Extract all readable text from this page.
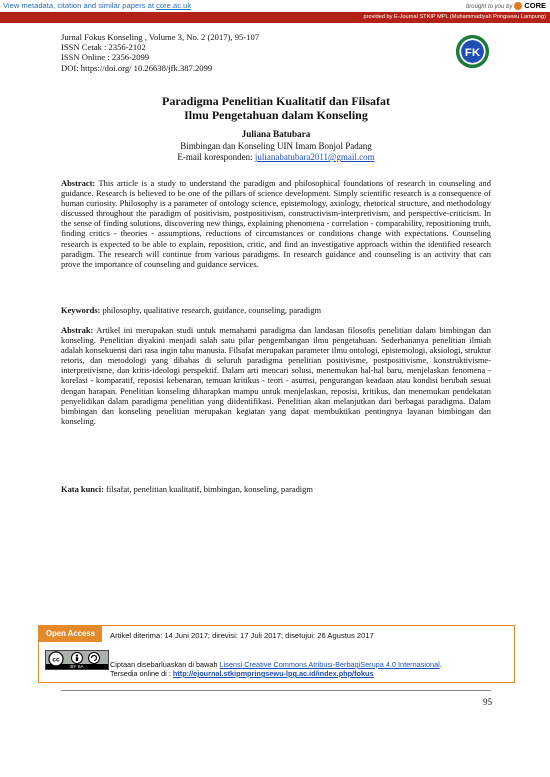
View metadata, citation and similar papers at core.ac.uk	brought to you by CORE
provided by E-Journal STKIP MPL (Muhammadiyah Pringsewu Lampung)
Jurnal Fokus Konseling , Volume 3, No. 2 (2017), 95-107
ISSN Cetak : 2356-2102
ISSN Online : 2356-2099
DOI: https://doi.org/ 10.26638/jfk.387.2099
FK
Paradigma Penelitian Kualitatif dan Filsafat
Ilmu Pengetahuan dalam Konseling
Juliana Batubara
Bimbingan dan Konseling UIN Imam Bonjol Padang
E-mail koresponden: julianabatubara2011@gmail.com
Abstract: This article is a study to understand the paradigm and philosophical foundations of research in counseling and guidance. Research is believed to be one of the pillars of science development. Simply scientific research is a consequence of human curiosity. Philosophy is a parameter of ontology science, epistemology, axiology, rhetorical structure, and methodology discussed throughout the paradigm of positivism, postpositivism, constructivism-interpretivism, and perspective-criticism. In the sense of finding solutions, discovering new things, explaining phenomena - correlation - comparability, repositioning truth, finding critics - theories - assumptions, reductions of circumstances or conditions change with expectations. Counseling research is expected to be able to explain, reposition, critic, and find an investigative approach within the identified research paradigm. The research will continue from various paradigms. In research guidance and counseling is an activity that can prove the importance of counseling and guidance services.
Keywords: philosophy, qualitative research, guidance, counseling, paradigm
Abstrak: Artikel ini merupakan studi untuk memahami paradigma dan landasan filosofis penelitian dalam bimbingan dan konseling. Penelitian diyakini menjadi salah satu pilar pengembangan ilmu pengetahuan. Sederhananya penelitian ilmiah adalah konsekuensi dari rasa ingin tahu manusia. Filsafat merupakan parameter ilmu ontologi, epistemologi, aksiologi, struktur retoris, dan metodologi yang dibahas di seluruh paradigma penelitian positivisme, postpositivisme, konstruktivisme-interpretivisme, dan kritis-ideologi perspektif. Dalam arti mencari solusi, menemukan hal-hal baru, menjelaskan fenomena - korelasi - komparatif, reposisi kebenaran, temuan kritikus - teori - asumsi, pengurangan keadaan atau kondisi berubah sesuai dengan harapan. Penelitian konseling diharapkan mampu untuk menjelaskan, reposisi, kritikus, dan menemukan pendekatan penyelidikan dalam paradigma penelitian yang diidentifikasi. Penelitian akan melanjutkan dari berbagai paradigma. Dalam bimbingan dan konseling penelitian merupakan kegiatan yang dapat membuktikan pentingnya layanan bimbingan dan konseling.
Kata kunci: filsafat, penelitian kualitatif, bimbingan, konseling, paradigm
Open Access	Artikel diterima: 14 Juni 2017; direvisi: 17 Juli 2017; disetujui: 26 Agustus 2017
cc
BY SA	Ciptaan disebarluaskan di bawah Lisensi Creative Commons Atribusi-BerbagiSerupa 4.0 Internasional.
Tersedia online di : http://ejournal.stkipmpringsewu-lpg.ac.id/index.php/fokus
95
